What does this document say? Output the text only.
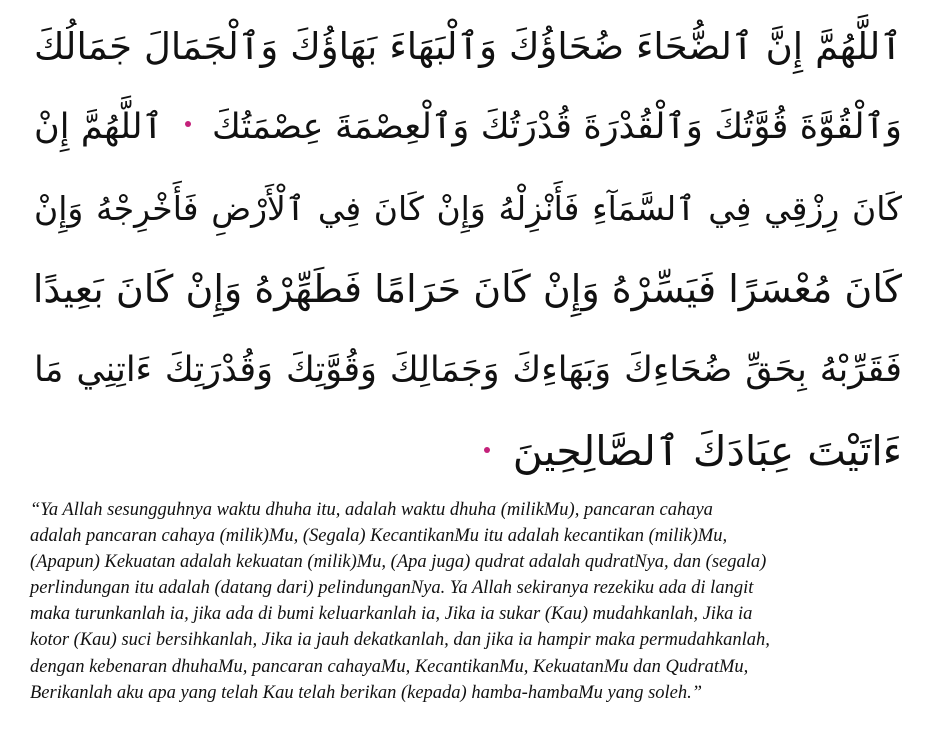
ٱللَّهُمَّ إِنَّ ٱلضُّحَاءَ ضُحَاؤُكَ وَٱلْبَهَاءَ بَهَاؤُكَ وَٱلْجَمَالَ جَمَالُكَ
وَٱلْقُوَّةَ قُوَّتُكَ وَٱلْقُدْرَةَ قُدْرَتُكَ وَٱلْعِصْمَةَ عِصْمَتُكَ  ٱللَّهُمَّ إِنْ
كَانَ رِزْقِي فِي ٱلسَّمَآءِ فَأَنْزِلْهُ وَإِنْ كَانَ فِي ٱلْأَرْضِ فَأَخْرِجْهُ وَإِنْ
كَانَ مُعْسَرًا فَيَسِّرْهُ وَإِنْ كَانَ حَرَامًا فَطَهِّرْهُ وَإِنْ كَانَ بَعِيدًا
فَقَرِّبْهُ بِحَقِّ ضُحَاءِكَ وَبَهَاءِكَ وَجَمَالِكَ وَقُوَّتِكَ وَقُدْرَتِكَ ءَاتِنِي مَا
ءَاتَيْتَ عِبَادَكَ ٱلصَّالِحِينَ
“Ya Allah sesungguhnya waktu dhuha itu, adalah waktu dhuha (milikMu), pancaran cahaya
adalah pancaran cahaya (milik)Mu, (Segala) KecantikanMu itu adalah kecantikan (milik)Mu,
(Apapun) Kekuatan adalah kekuatan (milik)Mu, (Apa juga) qudrat adalah qudratNya, dan (segala)
perlindungan itu adalah (datang dari) pelindunganNya. Ya Allah sekiranya rezekiku ada di langit
maka turunkanlah ia, jika ada di bumi keluarkanlah ia, Jika ia sukar (Kau) mudahkanlah, Jika ia
kotor (Kau) suci bersihkanlah, Jika ia jauh dekatkanlah, dan jika ia hampir maka permudahkanlah,
dengan kebenaran dhuhaMu, pancaran cahayaMu, KecantikanMu, KekuatanMu dan QudratMu,
Berikanlah aku apa yang telah Kau telah berikan (kepada) hamba-hambaMu yang soleh.”
